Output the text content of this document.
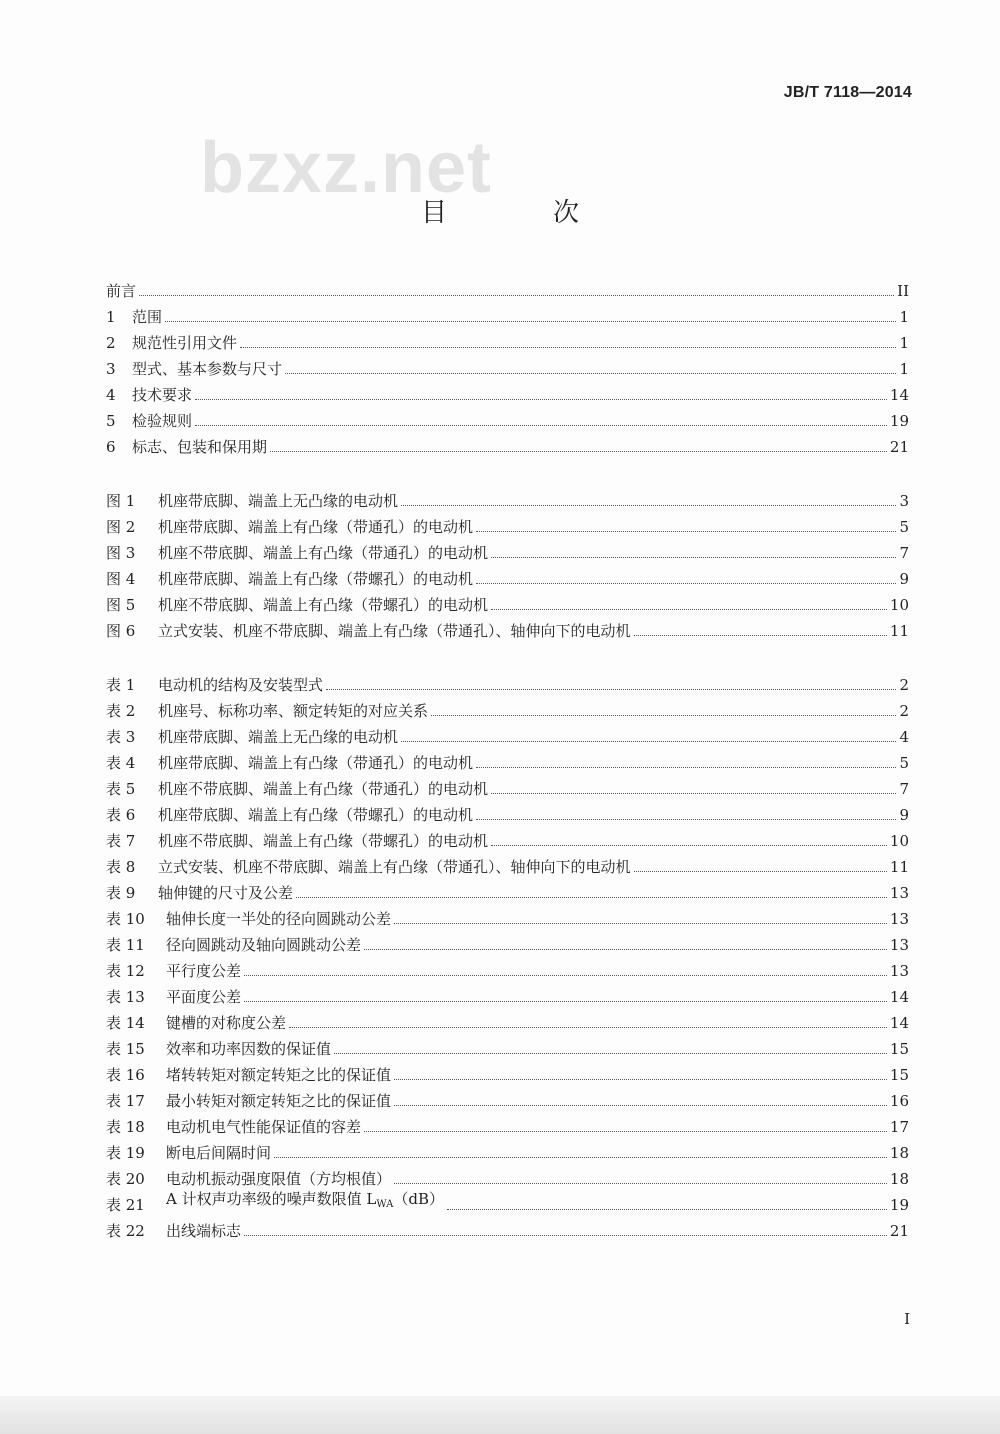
JB/T 7118—2014
bzxz.net
目　次
前言	II
1	范围	1
2	规范性引用文件	1
3	型式、基本参数与尺寸	1
4	技术要求	14
5	检验规则	19
6	标志、包装和保用期	21
图 1	机座带底脚、端盖上无凸缘的电动机	3
图 2	机座带底脚、端盖上有凸缘（带通孔）的电动机	5
图 3	机座不带底脚、端盖上有凸缘（带通孔）的电动机	7
图 4	机座带底脚、端盖上有凸缘（带螺孔）的电动机	9
图 5	机座不带底脚、端盖上有凸缘（带螺孔）的电动机	10
图 6	立式安装、机座不带底脚、端盖上有凸缘（带通孔）、轴伸向下的电动机	11
表 1	电动机的结构及安装型式	2
表 2	机座号、标称功率、额定转矩的对应关系	2
表 3	机座带底脚、端盖上无凸缘的电动机	4
表 4	机座带底脚、端盖上有凸缘（带通孔）的电动机	5
表 5	机座不带底脚、端盖上有凸缘（带通孔）的电动机	7
表 6	机座带底脚、端盖上有凸缘（带螺孔）的电动机	9
表 7	机座不带底脚、端盖上有凸缘（带螺孔）的电动机	10
表 8	立式安装、机座不带底脚、端盖上有凸缘（带通孔）、轴伸向下的电动机	11
表 9	轴伸键的尺寸及公差	13
表 10	轴伸长度一半处的径向圆跳动公差	13
表 11	径向圆跳动及轴向圆跳动公差	13
表 12	平行度公差	13
表 13	平面度公差	14
表 14	键槽的对称度公差	14
表 15	效率和功率因数的保证值	15
表 16	堵转转矩对额定转矩之比的保证值	15
表 17	最小转矩对额定转矩之比的保证值	16
表 18	电动机电气性能保证值的容差	17
表 19	断电后间隔时间	18
表 20	电动机振动强度限值（方均根值）	18
表 21	A 计权声功率级的噪声数限值 $L_{WA}(dB)$	19
表 22	出线端标志	21
I
